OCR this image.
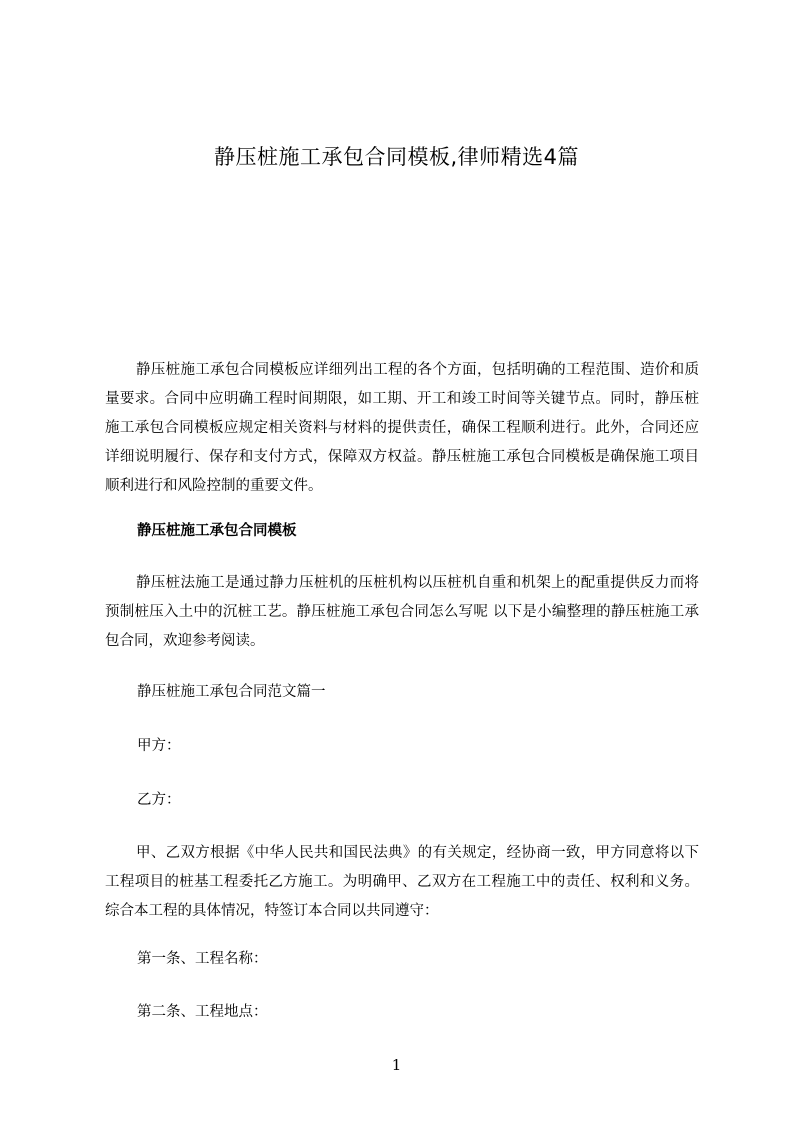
静压桩施工承包合同模板,律师精选4篇

静压桩施工承包合同模板应详细列出工程的各个方面，包括明确的工程范围、造价和质量要求。合同中应明确工程时间期限，如工期、开工和竣工时间等关键节点。同时，静压桩施工承包合同模板应规定相关资料与材料的提供责任，确保工程顺利进行。此外，合同还应详细说明履行、保存和支付方式，保障双方权益。静压桩施工承包合同模板是确保施工项目顺利进行和风险控制的重要文件。

静压桩施工承包合同模板

静压桩法施工是通过静力压桩机的压桩机构以压桩机自重和机架上的配重提供反力而将预制桩压入土中的沉桩工艺。静压桩施工承包合同怎么写呢 以下是小编整理的静压桩施工承包合同，欢迎参考阅读。

静压桩施工承包合同范文篇一

甲方：

乙方：

甲、乙双方根据《中华人民共和国民法典》的有关规定，经协商一致，甲方同意将以下工程项目的桩基工程委托乙方施工。为明确甲、乙双方在工程施工中的责任、权利和义务。综合本工程的具体情况，特签订本合同以共同遵守：

第一条、工程名称：

第二条、工程地点：

1
